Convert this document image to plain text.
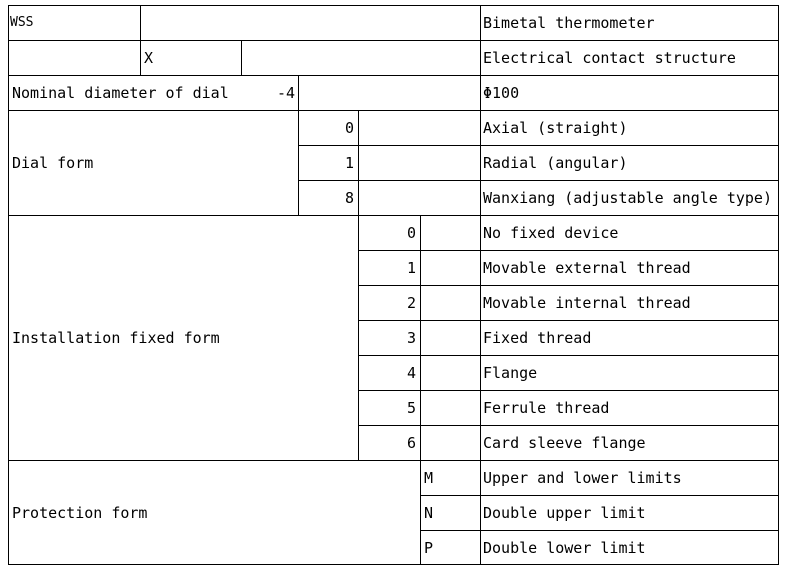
WSS	Bimetal thermometer
X	Electrical contact structure
Nominal diameter of dial	-4	Φ100
Dial form
0	Axial (straight)
1	Radial (angular)
8	Wanxiang (adjustable angle type)
Installation fixed form
0	No fixed device
1	Movable external thread
2	Movable internal thread
3	Fixed thread
4	Flange
5	Ferrule thread
6	Card sleeve flange
Protection form
M	Upper and lower limits
N	Double upper limit
P	Double lower limit
